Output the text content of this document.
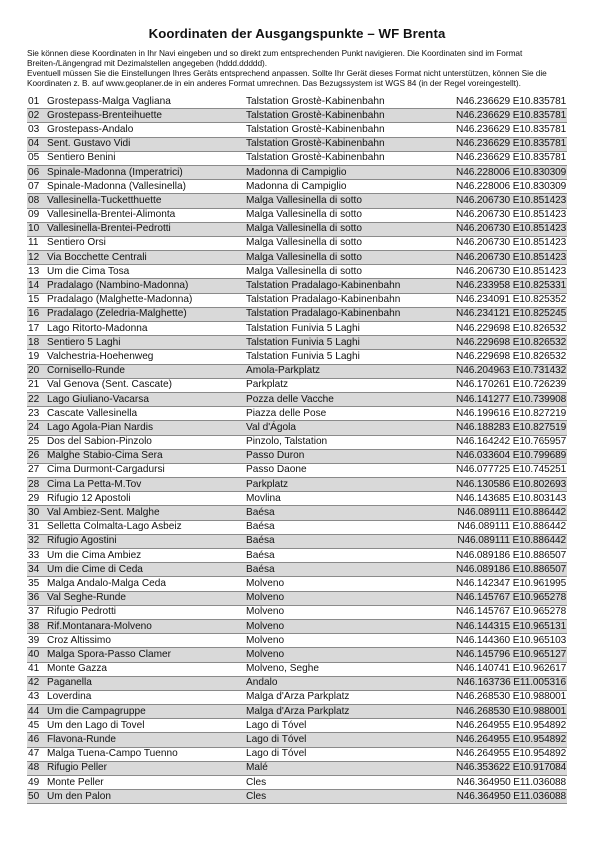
Koordinaten der Ausgangspunkte – WF Brenta

Sie können diese Koordinaten in Ihr Navi eingeben und so direkt zum entsprechenden Punkt navigieren. Die Koordinaten sind im Format Breiten-/Längengrad mit Dezimalstellen angegeben (hddd.ddddd).

Eventuell müssen Sie die Einstellungen Ihres Geräts entsprechend anpassen. Sollte Ihr Gerät dieses Format nicht unterstützen, können Sie die Koordinaten z. B. auf www.geoplaner.de in ein anderes Format umrechnen. Das Bezugssystem ist WGS 84 (in der Regel voreingestellt).

01	Grostepass-Malga Vagliana	Talstation Grostè-Kabinenbahn	N46.236629 E10.835781
02	Grostepass-Brenteihuette	Talstation Grostè-Kabinenbahn	N46.236629 E10.835781
03	Grostepass-Andalo	Talstation Grostè-Kabinenbahn	N46.236629 E10.835781
04	Sent. Gustavo Vidi	Talstation Grostè-Kabinenbahn	N46.236629 E10.835781
05	Sentiero Benini	Talstation Grostè-Kabinenbahn	N46.236629 E10.835781
06	Spinale-Madonna (Imperatrici)	Madonna di Campiglio	N46.228006 E10.830309
07	Spinale-Madonna (Vallesinella)	Madonna di Campiglio	N46.228006 E10.830309
08	Vallesinella-Tucketthuette	Malga Vallesinella di sotto	N46.206730 E10.851423
09	Vallesinella-Brentei-Alimonta	Malga Vallesinella di sotto	N46.206730 E10.851423
10	Vallesinella-Brentei-Pedrotti	Malga Vallesinella di sotto	N46.206730 E10.851423
11	Sentiero Orsi	Malga Vallesinella di sotto	N46.206730 E10.851423
12	Via Bocchette Centrali	Malga Vallesinella di sotto	N46.206730 E10.851423
13	Um die Cima Tosa	Malga Vallesinella di sotto	N46.206730 E10.851423
14	Pradalago (Nambino-Madonna)	Talstation Pradalago-Kabinenbahn	N46.233958 E10.825331
15	Pradalago (Malghette-Madonna)	Talstation Pradalago-Kabinenbahn	N46.234091 E10.825352
16	Pradalago (Zeledria-Malghette)	Talstation Pradalago-Kabinenbahn	N46.234121 E10.825245
17	Lago Ritorto-Madonna	Talstation Funivia 5 Laghi	N46.229698 E10.826532
18	Sentiero 5 Laghi	Talstation Funivia 5 Laghi	N46.229698 E10.826532
19	Valchestria-Hoehenweg	Talstation Funivia 5 Laghi	N46.229698 E10.826532
20	Cornisello-Runde	Amola-Parkplatz	N46.204963 E10.731432
21	Val Genova (Sent. Cascate)	Parkplatz	N46.170261 E10.726239
22	Lago Giuliano-Vacarsa	Pozza delle Vacche	N46.141277 E10.739908
23	Cascate Vallesinella	Piazza delle Pose	N46.199616 E10.827219
24	Lago Agola-Pian Nardis	Val d'Ágola	N46.188283 E10.827519
25	Dos del Sabion-Pinzolo	Pinzolo, Talstation	N46.164242 E10.765957
26	Malghe Stabio-Cima Sera	Passo Duron	N46.033604 E10.799689
27	Cima Durmont-Cargadursi	Passo Daone	N46.077725 E10.745251
28	Cima La Petta-M.Tov	Parkplatz	N46.130586 E10.802693
29	Rifugio 12 Apostoli	Movlina	N46.143685 E10.803143
30	Val Ambiez-Sent. Malghe	Baésa	N46.089111 E10.886442
31	Selletta Colmalta-Lago Asbeiz	Baésa	N46.089111 E10.886442
32	Rifugio Agostini	Baésa	N46.089111 E10.886442
33	Um die Cima Ambiez	Baésa	N46.089186 E10.886507
34	Um die Cime di Ceda	Baésa	N46.089186 E10.886507
35	Malga Andalo-Malga Ceda	Molveno	N46.142347 E10.961995
36	Val Seghe-Runde	Molveno	N46.145767 E10.965278
37	Rifugio Pedrotti	Molveno	N46.145767 E10.965278
38	Rif.Montanara-Molveno	Molveno	N46.144315 E10.965131
39	Croz Altissimo	Molveno	N46.144360 E10.965103
40	Malga Spora-Passo Clamer	Molveno	N46.145796 E10.965127
41	Monte Gazza	Molveno, Seghe	N46.140741 E10.962617
42	Paganella	Àndalo	N46.163736 E11.005316
43	Loverdina	Malga d'Arza Parkplatz	N46.268530 E10.988001
44	Um die Campagruppe	Malga d'Arza Parkplatz	N46.268530 E10.988001
45	Um den Lago di Tovel	Lago di Tóvel	N46.264955 E10.954892
46	Flavona-Runde	Lago di Tóvel	N46.264955 E10.954892
47	Malga Tuena-Campo Tuenno	Lago di Tóvel	N46.264955 E10.954892
48	Rifugio Peller	Malé	N46.353622 E10.917084
49	Monte Peller	Cles	N46.364950 E11.036088
50	Um den Palon	Cles	N46.364950 E11.036088
